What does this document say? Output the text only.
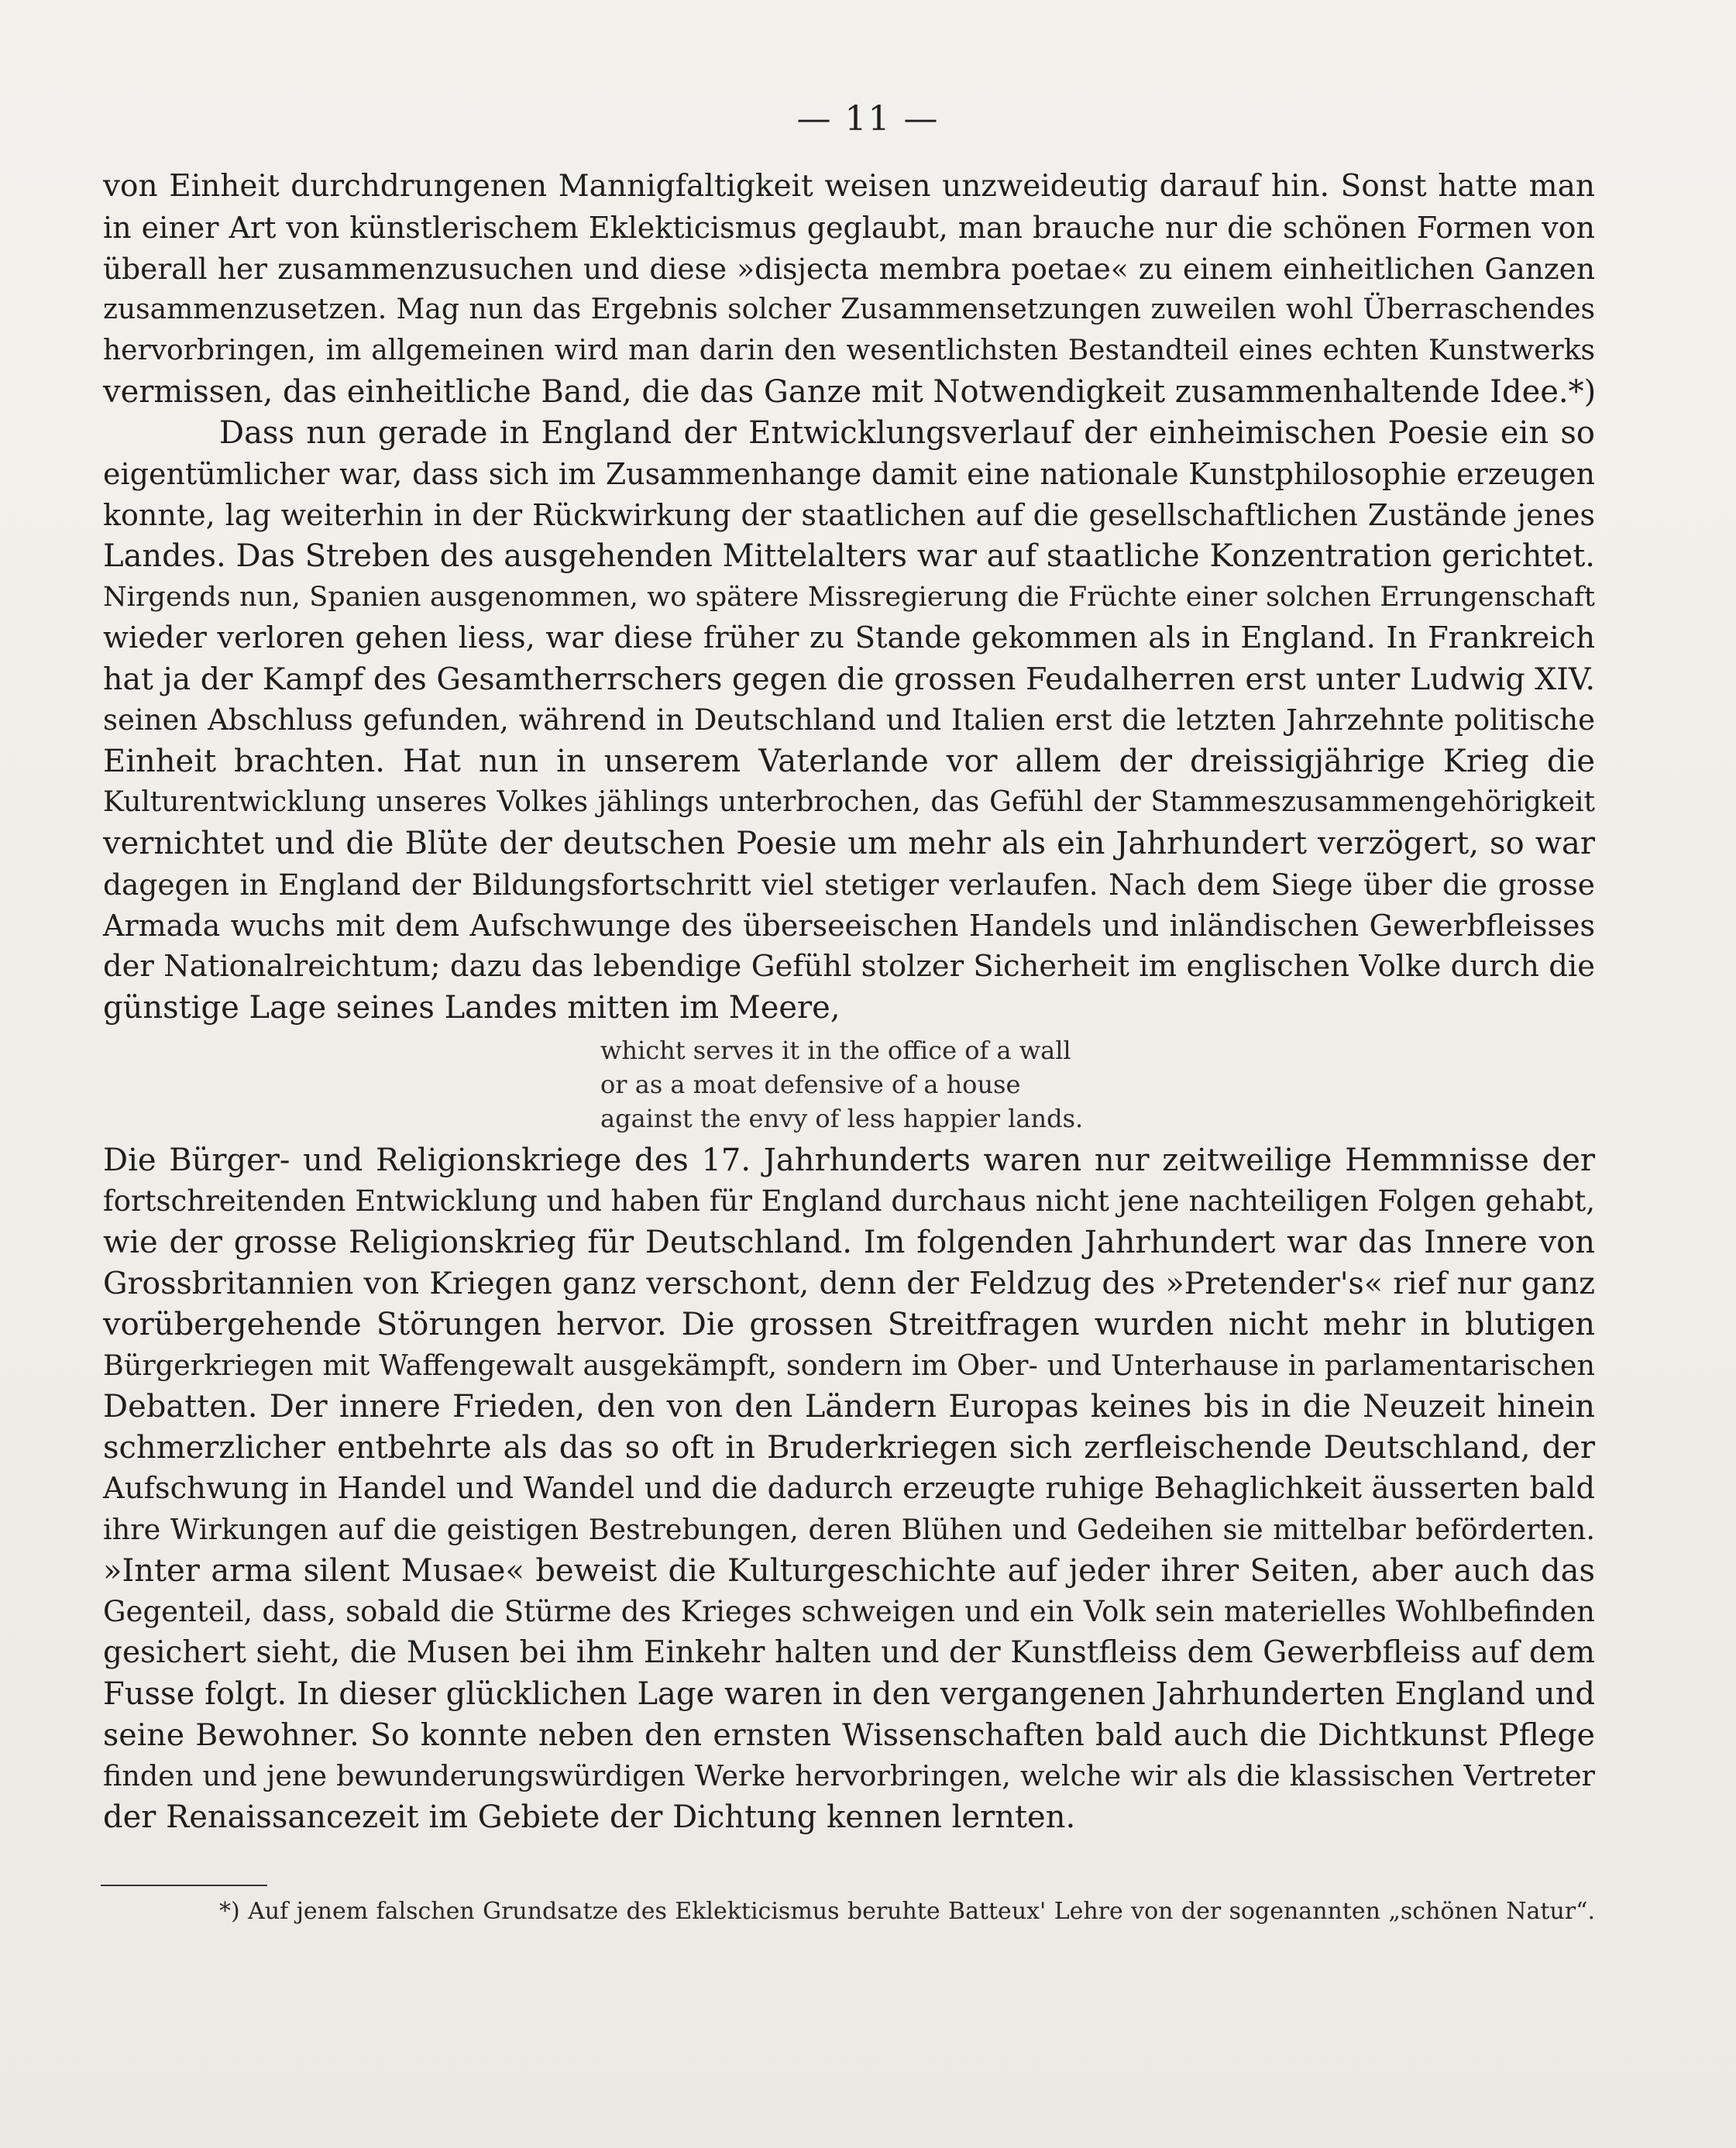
— 11 —
von Einheit durchdrungenen Mannigfaltigkeit weisen unzweideutig darauf hin. Sonst hatte man
in einer Art von künstlerischem Eklekticismus geglaubt, man brauche nur die schönen Formen von
überall her zusammenzusuchen und diese »disjecta membra poetae« zu einem einheitlichen Ganzen
zusammenzusetzen. Mag nun das Ergebnis solcher Zusammensetzungen zuweilen wohl Überraschendes
hervorbringen, im allgemeinen wird man darin den wesentlichsten Bestandteil eines echten Kunstwerks
vermissen, das einheitliche Band, die das Ganze mit Notwendigkeit zusammenhaltende Idee.*)
Dass nun gerade in England der Entwicklungsverlauf der einheimischen Poesie ein so
eigentümlicher war, dass sich im Zusammenhange damit eine nationale Kunstphilosophie erzeugen
konnte, lag weiterhin in der Rückwirkung der staatlichen auf die gesellschaftlichen Zustände jenes
Landes. Das Streben des ausgehenden Mittelalters war auf staatliche Konzentration gerichtet.
Nirgends nun, Spanien ausgenommen, wo spätere Missregierung die Früchte einer solchen Errungenschaft
wieder verloren gehen liess, war diese früher zu Stande gekommen als in England. In Frankreich
hat ja der Kampf des Gesamtherrschers gegen die grossen Feudalherren erst unter Ludwig XIV.
seinen Abschluss gefunden, während in Deutschland und Italien erst die letzten Jahrzehnte politische
Einheit brachten. Hat nun in unserem Vaterlande vor allem der dreissigjährige Krieg die
Kulturentwicklung unseres Volkes jählings unterbrochen, das Gefühl der Stammeszusammengehörigkeit
vernichtet und die Blüte der deutschen Poesie um mehr als ein Jahrhundert verzögert, so war
dagegen in England der Bildungsfortschritt viel stetiger verlaufen. Nach dem Siege über die grosse
Armada wuchs mit dem Aufschwunge des überseeischen Handels und inländischen Gewerbfleisses
der Nationalreichtum; dazu das lebendige Gefühl stolzer Sicherheit im englischen Volke durch die
günstige Lage seines Landes mitten im Meere,
whicht serves it in the office of a wall
or as a moat defensive of a house
against the envy of less happier lands.
Die Bürger- und Religionskriege des 17. Jahrhunderts waren nur zeitweilige Hemmnisse der
fortschreitenden Entwicklung und haben für England durchaus nicht jene nachteiligen Folgen gehabt,
wie der grosse Religionskrieg für Deutschland. Im folgenden Jahrhundert war das Innere von
Grossbritannien von Kriegen ganz verschont, denn der Feldzug des »Pretender's« rief nur ganz
vorübergehende Störungen hervor. Die grossen Streitfragen wurden nicht mehr in blutigen
Bürgerkriegen mit Waffengewalt ausgekämpft, sondern im Ober- und Unterhause in parlamentarischen
Debatten. Der innere Frieden, den von den Ländern Europas keines bis in die Neuzeit hinein
schmerzlicher entbehrte als das so oft in Bruderkriegen sich zerfleischende Deutschland, der
Aufschwung in Handel und Wandel und die dadurch erzeugte ruhige Behaglichkeit äusserten bald
ihre Wirkungen auf die geistigen Bestrebungen, deren Blühen und Gedeihen sie mittelbar beförderten.
»Inter arma silent Musae« beweist die Kulturgeschichte auf jeder ihrer Seiten, aber auch das
Gegenteil, dass, sobald die Stürme des Krieges schweigen und ein Volk sein materielles Wohlbefinden
gesichert sieht, die Musen bei ihm Einkehr halten und der Kunstfleiss dem Gewerbfleiss auf dem
Fusse folgt. In dieser glücklichen Lage waren in den vergangenen Jahrhunderten England und
seine Bewohner. So konnte neben den ernsten Wissenschaften bald auch die Dichtkunst Pflege
finden und jene bewunderungswürdigen Werke hervorbringen, welche wir als die klassischen Vertreter
der Renaissancezeit im Gebiete der Dichtung kennen lernten.
*) Auf jenem falschen Grundsatze des Eklekticismus beruhte Batteux' Lehre von der sogenannten „schönen Natur“.
